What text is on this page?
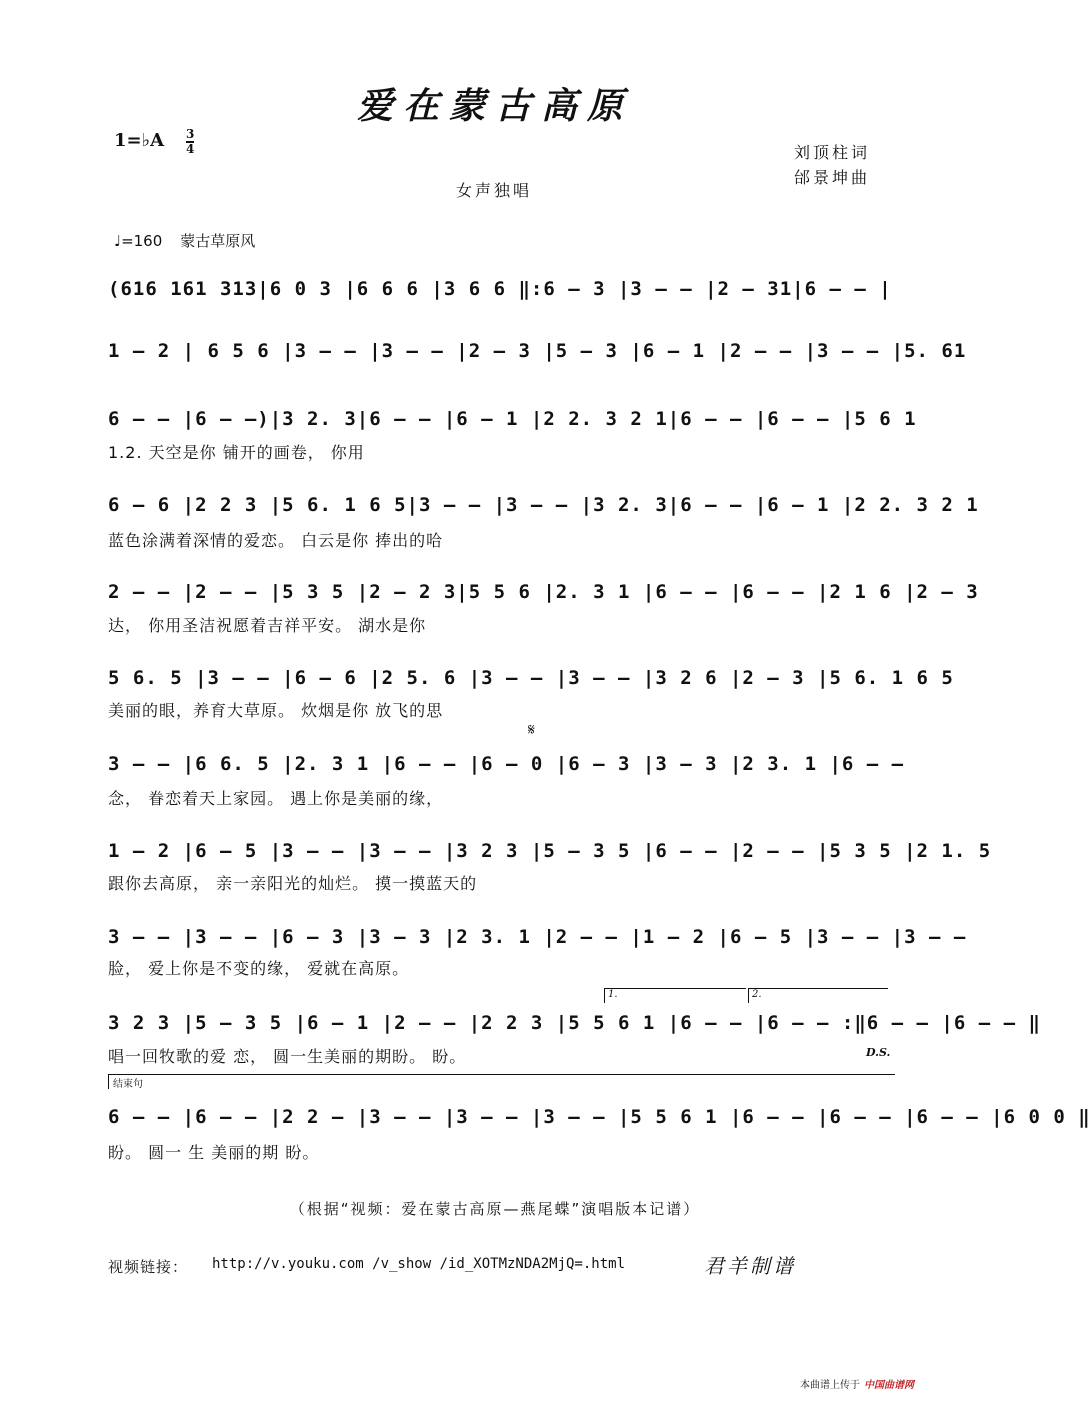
爱在蒙古高原
1=♭A 3
4	刘顶柱词
邰景坤曲
女声独唱
♩=160 蒙古草原风
(616 161 313|6 0 3 |6 6 6 |3 6 6 ‖:6 – 3 |3 – – |2 – 31|6 – – |
1 – 2 | 6 5 6 |3 – – |3 – – |2 – 3 |5 – 3 |6 – 1 |2 – – |3 – – |5. 61
6 – – |6 – –)|3 2. 3|6 – – |6 – 1 |2 2. 3 2 1|6 – – |6 – – |5 6 1
1.2. 天空是你 铺开的画卷， 你用
6 – 6 |2 2 3 |5 6. 1 6 5|3 – – |3 – – |3 2. 3|6 – – |6 – 1 |2 2. 3 2 1
蓝色涂满着深情的爱恋。 白云是你 捧出的哈
2 – – |2 – – |5 3 5 |2 – 2 3|5 5 6 |2. 3 1 |6 – – |6 – – |2 1 6 |2 – 3
达， 你用圣洁祝愿着吉祥平安。 湖水是你
5 6. 5 |3 – – |6 – 6 |2 5. 6 |3 – – |3 – – |3 2 6 |2 – 3 |5 6. 1 6 5
美丽的眼，养育大草原。 炊烟是你 放飞的思
𝄋
3 – – |6 6. 5 |2. 3 1 |6 – – |6 – 0 |6 – 3 |3 – 3 |2 3. 1 |6 – –
念， 眷恋着天上家园。 遇上你是美丽的缘，
1 – 2 |6 – 5 |3 – – |3 – – |3 2 3 |5 – 3 5 |6 – – |2 – – |5 3 5 |2 1. 5
跟你去高原， 亲一亲阳光的灿烂。 摸一摸蓝天的
3 – – |3 – – |6 – 3 |3 – 3 |2 3. 1 |2 – – |1 – 2 |6 – 5 |3 – – |3 – –
脸， 爱上你是不变的缘， 爱就在高原。
1.	2.
3 2 3 |5 – 3 5 |6 – 1 |2 – – |2 2 3 |5 5 6 1 |6 – – |6 – – :‖6 – – |6 – – ‖
唱一回牧歌的爱 恋， 圆一生美丽的期盼。 盼。	D.S.
结束句
6 – – |6 – – |2 2 – |3 – – |3 – – |3 – – |5 5 6 1 |6 – – |6 – – |6 – – |6 0 0 ‖
盼。 圆一 生 美丽的期 盼。
（根据“视频：爱在蒙古高原—燕尾蝶”演唱版本记谱）
视频链接： http://v.youku.com /v_show /id_XOTMzNDA2MjQ=.html	君羊制谱
本曲谱上传于 中国曲谱网
